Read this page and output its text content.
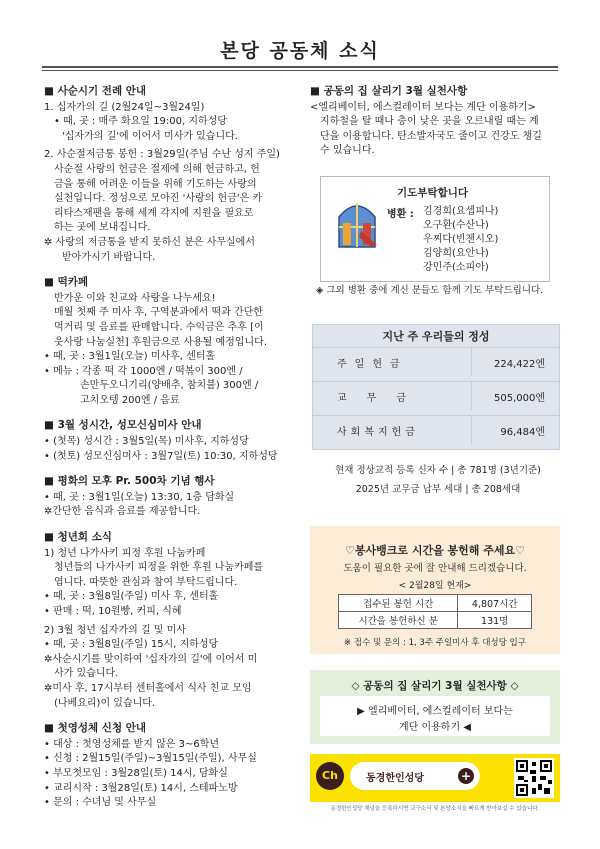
본당 공동체 소식
■ 사순시기 전례 안내
1. 십자가의 길 (2월24일~3월24일)
• 때, 곳 : 매주 화요일 19:00, 지하성당
'십자가의 길'에 이어서 미사가 있습니다.
2. 사순절저금통 봉헌 : 3월29일(주님 수난 성지 주일)
사순절 사랑의 헌금은 절제에 의해 헌금하고, 헌
금을 통해 어려운 이들을 위해 기도하는 사랑의
실천입니다. 정성으로 모아진 '사랑의 헌금'은 카
리타스재팬을 통해 세계 각지에 지원을 필요로
하는 곳에 보내집니다.
✲ 사랑의 저금통을 받지 못하신 분은 사무실에서
받아가시기 바랍니다.
■ 떡카페
반가운 이와 친교와 사랑을 나누세요!
매월 첫째 주 미사 후, 구역분과에서 떡과 간단한
먹거리 및 음료를 판매합니다. 수익금은 추후 [이
웃사랑 나눔실천] 후원금으로 사용될 예정입니다.
• 때, 곳 : 3월1일(오늘) 미사후, 센터홀
• 메뉴 : 각종 떡 각 1000엔 / 떡볶이 300엔 /
손만두오니기리(양배추, 참치불) 300엔 /
고치오텡 200엔 / 음료
■ 3월 성시간, 성모신심미사 안내
• (첫목) 성시간 : 3월5일(목) 미사후, 지하성당
• (첫토) 성모신심미사 : 3월7일(토) 10:30, 지하성당
■ 평화의 모후 Pr. 500차 기념 행사
• 때, 곳 : 3월1일(오늘) 13:30, 1층 담화실
✲간단한 음식과 음료를 제공합니다.
■ 청년회 소식
1) 청년 나가사키 피정 후원 나눔카페
청년들의 나가사키 피정을 위한 후원 나눔카페를
엽니다. 따뜻한 관심과 참여 부탁드립니다.
• 때, 곳 : 3월8일(주일) 미사 후, 센터홀
• 판매 : 떡, 10원빵, 커피, 식혜
2) 3월 청년 십자가의 길 및 미사
• 때, 곳 : 3월8일(주일) 15시, 지하성당
✲사순시기를 맞이하여 '십자가의 길'에 이어서 미
사가 있습니다.
✲미사 후, 17시부터 센터홀에서 식사 친교 모임
(나베요리)이 있습니다.
■ 첫영성체 신청 안내
• 대상 : 첫영성체를 받지 않은 3~6학년
• 신청 : 2월15일(주일)~3월15일(주일), 사무실
• 부모첫모임 : 3월28일(토) 14시, 담화실
• 교리시작 : 3월28일(토) 14시, 스테파노방
• 문의 : 수녀님 및 사무실
■ 공동의 집 살리기 3월 실천사항
<엘리베이터, 에스컬레이터 보다는 계단 이용하기>
지하철을 탈 때나 층이 낮은 곳을 오르내릴 때는 계
단을 이용합니다. 탄소발자국도 줄이고 건강도 챙길
수 있습니다.
기도부탁합니다
병환 : 김경희(요셉피나)
오구환(수산나)
우찌다(빈첸시오)
김양희(요안나)
강민주(소피아)
◈ 그외 병환 중에 계신 분들도 함께 기도 부탁드립니다.
지난 주 우리들의 정성
주일헌금	224,422엔
교무금	505,000엔
사회복지헌금	96,484엔
현재 정상교적 등록 신자 수 | 총 781명 (3년기준)
2025년 교무금 납부 세대 | 총 208세대
♡봉사뱅크로 시간을 봉헌해 주세요♡
도움이 필요한 곳에 잘 안내해 드리겠습니다.
< 2월28일 현재>
접수된 봉헌 시간	4,807시간
시간을 봉헌하신 분	131명
※ 접수 및 문의 : 1, 3주 주일미사 후 대성당 입구
◇ 공동의 집 살리기 3월 실천사항 ◇
▶ 엘리베이터, 에스컬레이터 보다는
계단 이용하기 ◀
Ch	동경한인성당	+
동경한인성당 채널을 등록하시면 교구소식 및 본당소식을 빠르게 받아보실 수 있습니다.
